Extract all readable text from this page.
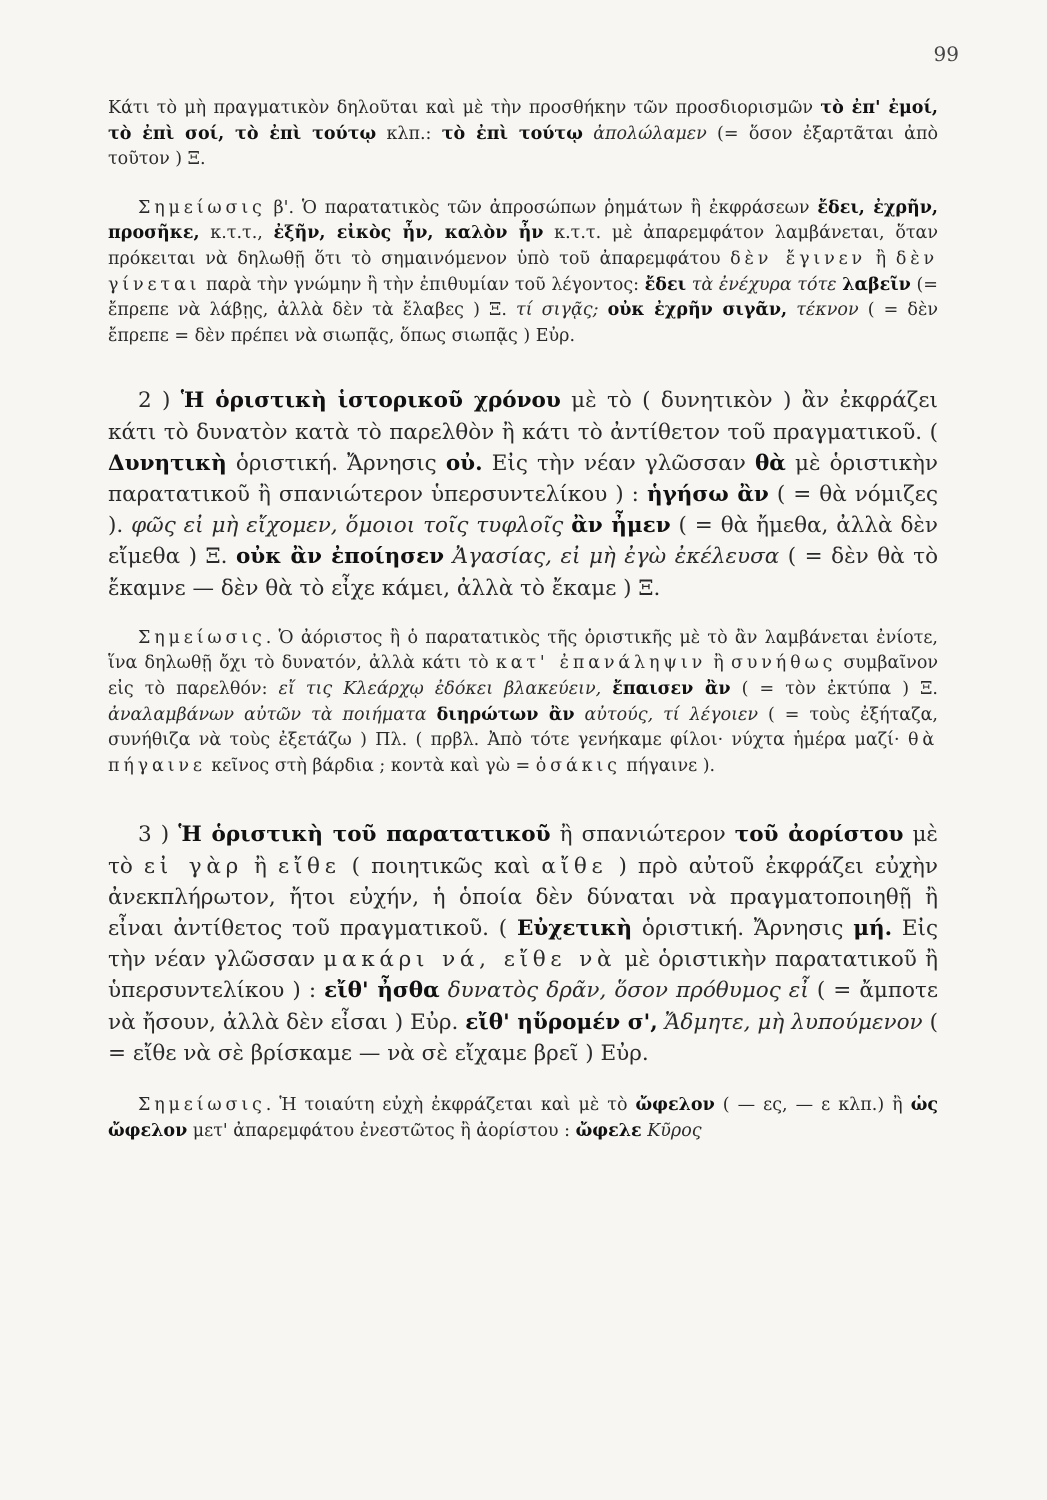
99

Κάτι τὸ μὴ πραγματικὸν δηλοῦται καὶ μὲ τὴν προσθήκην τῶν προσδιορισμῶν τὸ ἐπ' ἐμοί, τὸ ἐπὶ σοί, τὸ ἐπὶ τούτῳ κλπ.: τὸ ἐπὶ τούτῳ ἀπολώλαμεν (= ὅσον ἐξαρτᾶται ἀπὸ τοῦτον ) Ξ.

Σημείωσις β'. Ὁ παρατατικὸς τῶν ἀπροσώπων ῥημάτων ἢ ἐκφράσεων ἔδει, ἐχρῆν, προσῆκε, κ.τ.τ., ἐξῆν, εἰκὸς ἦν, καλὸν ἦν κ.τ.τ. μὲ ἀπαρεμφάτον λαμβάνεται, ὅταν πρόκειται νὰ δηλωθῇ ὅτι τὸ σημαινόμενον ὑπὸ τοῦ ἀπαρεμφάτου δὲν ἔγινεν ἢ δὲν γίνεται παρὰ τὴν γνώμην ἢ τὴν ἐπιθυμίαν τοῦ λέγοντος: ἔδει τὰ ἐνέχυρα τότε λαβεῖν (= ἔπρεπε νὰ λάβῃς, ἀλλὰ δὲν τὰ ἔλαβες ) Ξ. τί σιγᾷς; οὐκ ἐχρῆν σιγᾶν, τέκνον ( = δὲν ἔπρεπε = δὲν πρέπει νὰ σιωπᾷς, ὅπως σιωπᾷς ) Εὐρ.

2 ) Ἡ ὁριστικὴ ἱστορικοῦ χρόνου μὲ τὸ ( δυνητικὸν ) ἂν ἐκφράζει κάτι τὸ δυνατὸν κατὰ τὸ παρελθὸν ἢ κάτι τὸ ἀντίθετον τοῦ πραγματικοῦ. ( Δυνητικὴ ὁριστική. Ἄρνησις οὐ. Εἰς τὴν νέαν γλῶσσαν θὰ μὲ ὁριστικὴν παρατατικοῦ ἢ σπανιώτερον ὑπερσυντελίκου ) : ἡγήσω ἂν ( = θὰ νόμιζες ). φῶς εἰ μὴ εἴχομεν, ὅμοιοι τοῖς τυφλοῖς ἂν ἦμεν ( = θὰ ἤμεθα, ἀλλὰ δὲν εἴμεθα ) Ξ. οὐκ ἂν ἐποίησεν Ἀγασίας, εἰ μὴ ἐγὼ ἐκέλευσα ( = δὲν θὰ τὸ ἔκαμνε — δὲν θὰ τὸ εἶχε κάμει, ἀλλὰ τὸ ἔκαμε ) Ξ.

Σημείωσις. Ὁ ἀόριστος ἢ ὁ παρατατικὸς τῆς ὁριστικῆς μὲ τὸ ἂν λαμβάνεται ἐνίοτε, ἵνα δηλωθῇ ὄχι τὸ δυνατόν, ἀλλὰ κάτι τὸ κατ' ἐπανάληψιν ἢ συνήθως συμβαῖνον εἰς τὸ παρελθόν: εἴ τις Κλεάρχῳ ἐδόκει βλακεύειν, ἔπαισεν ἂν ( = τὸν ἐκτύπα ) Ξ. ἀναλαμβάνων αὐτῶν τὰ ποιήματα διηρώτων ἂν αὐτούς, τί λέγοιεν ( = τοὺς ἐξήταζα, συνήθιζα νὰ τοὺς ἐξετάζω ) Πλ. ( πρβλ. Ἀπὸ τότε γενήκαμε φίλοι· νύχτα ἡμέρα μαζί· θὰ πήγαινε κεῖνος στὴ βάρδια ; κοντὰ καὶ γὼ = ὁσάκις πήγαινε ).

3 ) Ἡ ὁριστικὴ τοῦ παρατατικοῦ ἢ σπανιώτερον τοῦ ἀορίστου μὲ τὸ εἰ γὰρ ἢ εἴθε ( ποιητικῶς καὶ αἴθε ) πρὸ αὐτοῦ ἐκφράζει εὐχὴν ἀνεκπλήρωτον, ἤτοι εὐχήν, ἡ ὁποία δὲν δύναται νὰ πραγματοποιηθῇ ἢ εἶναι ἀντίθετος τοῦ πραγματικοῦ. ( Εὐχετικὴ ὁριστική. Ἄρνησις μή. Εἰς τὴν νέαν γλῶσσαν μακάρι νά, εἴθε νὰ μὲ ὁριστικὴν παρατατικοῦ ἢ ὑπερσυντελίκου ) : εἴθ' ἦσθα δυνατὸς δρᾶν, ὅσον πρόθυμος εἶ ( = ἄμποτε νὰ ἤσουν, ἀλλὰ δὲν εἶσαι ) Εὐρ. εἴθ' ηὕρομέν σ', Ἄδμητε, μὴ λυπούμενον ( = εἴθε νὰ σὲ βρίσκαμε — νὰ σὲ εἴχαμε βρεῖ ) Εὐρ.

Σημείωσις. Ἡ τοιαύτη εὐχὴ ἐκφράζεται καὶ μὲ τὸ ὤφελον ( — ες, — ε κλπ.) ἢ ὡς ὤφελον μετ' ἀπαρεμφάτου ἐνεστῶτος ἢ ἀορίστου : ὤφελε Κῦρος
